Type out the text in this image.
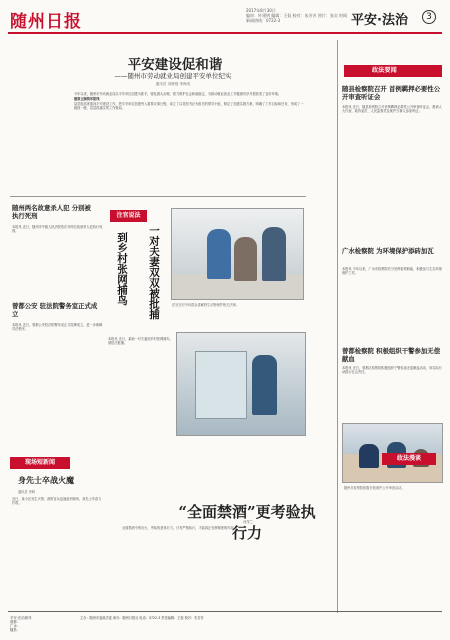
随州日报
2017年8月30日
编审：叶建明 编辑：王侃 校对：朱芳芳 图片：张贞 时间
新闻热线：0722-3	平安·法治	3
平安建设促和谐
——随州市劳动就业局创建平安单位纪实
通讯员 刘维强 李海英

今年以来，随州市劳动就业局以平安单位创建为抓手，强化源头治理，着力维护社会和谐稳定，为推动就业创业工作健康有序开展营造了良好环境。

建章立制筑牢防线

局党组高度重视平安建设工作，把平安单位创建列入重要议事日程，成立了以党组书记为组长的领导小组，制定了创建实施方案，明确了工作目标和任务，形成了一级抓一级、层层抓落实的工作格局。

政法要闻
随县检察院召开 首例羁押必要性公开审查听证会
本报讯 近日，随县检察院召开首例羁押必要性公开审查听证会，邀请人大代表、政协委员、人民监督员及案件当事人参加听证。
广水检察院 为环境保护添砖加瓦
本报讯 今年以来，广水市检察院充分发挥检察职能，积极参与生态环境保护工作。
曾都检察院 积极组织干警参加无偿献血
本报讯 近日，曾都区检察院积极组织干警参加无偿献血活动，用实际行动践行社会责任。
随州市检察院积极开展案件公开审查活动。
随州两名故意杀人犯 分别被执行死刑
本报讯 近日，随州市中级人民法院依法对两名故意杀人犯执行死刑。
曾都公安 驻法院警务室正式成立
本报讯 近日，曾都公安驻法院警务室正式挂牌成立，进一步保障司法秩序。
注官说法
一对夫妻双双被批捕
到乡村张网捕鸟	法官在村中向群众讲解野生动物保护相关法律。
本报讯 近日，某地一对夫妻到乡村张网捕鸟，被依法批捕。
现场短新闻
身先士卒战火魔
通讯员 李明
近日，某小区发生火情，消防官兵迅速赶到现场，身先士卒奋力扑救。
政法漫谈
“全面禁酒”更考验执行力
何茂兰
全面禁酒令的出台，考验的是执行力。只有严格执行，才能真正发挥制度的作用。
平安·法治周刊
曾都：
广水：
随县：
主办：随州市委政法委 承办：随州日报社 电话：0722-3 责任编辑：王侃 校对：朱芳芳
